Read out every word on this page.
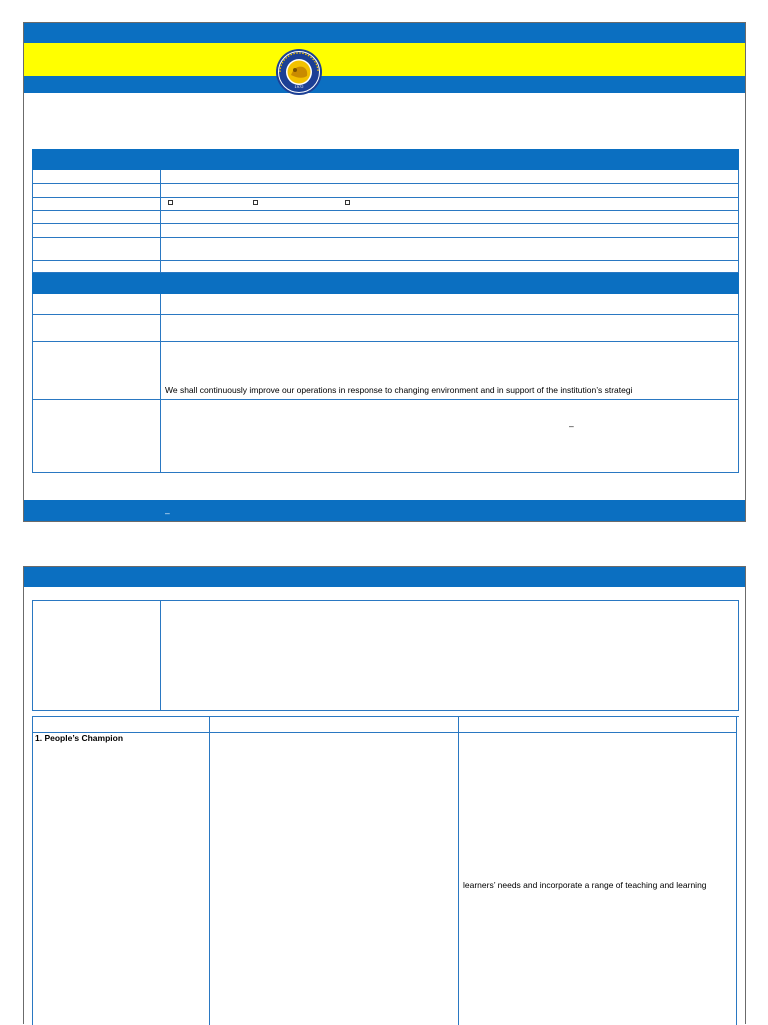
1972
We shall continuously improve our operations in response to changing environment and in support of the institution’s strategi
–
–
1. People’s Champion
learners’ needs and incorporate a range of teaching and learning
